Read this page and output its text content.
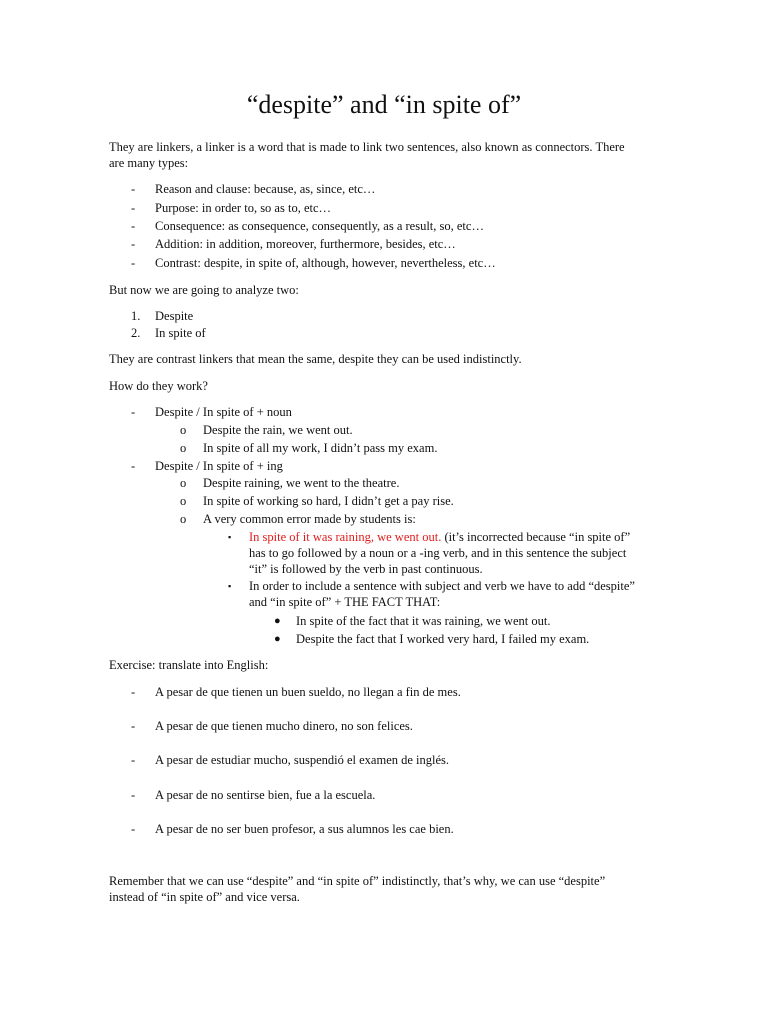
“despite” and “in spite of”
They are linkers, a linker is a word that is made to link two sentences, also known as connectors. There are many types:
- Reason and clause: because, as, since, etc…
- Purpose: in order to, so as to, etc…
- Consequence: as consequence, consequently, as a result, so, etc…
- Addition: in addition, moreover, furthermore, besides, etc…
- Contrast: despite, in spite of, although, however, nevertheless, etc…
But now we are going to analyze two:
1. Despite
2. In spite of
They are contrast linkers that mean the same, despite they can be used indistinctly.
How do they work?
- Despite / In spite of + noun
o Despite the rain, we went out.
o In spite of all my work, I didn’t pass my exam.
- Despite / In spite of + ing
o Despite raining, we went to the theatre.
o In spite of working so hard, I didn’t get a pay rise.
o A very common error made by students is:
▪ In spite of it was raining, we went out. (it’s incorrected because “in spite of” has to go followed by a noun or a -ing verb, and in this sentence the subject “it” is followed by the verb in past continuous.
▪ In order to include a sentence with subject and verb we have to add “despite” and “in spite of” + THE FACT THAT:
● In spite of the fact that it was raining, we went out.
● Despite the fact that I worked very hard, I failed my exam.
Exercise: translate into English:
- A pesar de que tienen un buen sueldo, no llegan a fin de mes.
- A pesar de que tienen mucho dinero, no son felices.
- A pesar de estudiar mucho, suspendió el examen de inglés.
- A pesar de no sentirse bien, fue a la escuela.
- A pesar de no ser buen profesor, a sus alumnos les cae bien.
Remember that we can use “despite” and “in spite of” indistinctly, that’s why, we can use “despite” instead of “in spite of” and vice versa.
